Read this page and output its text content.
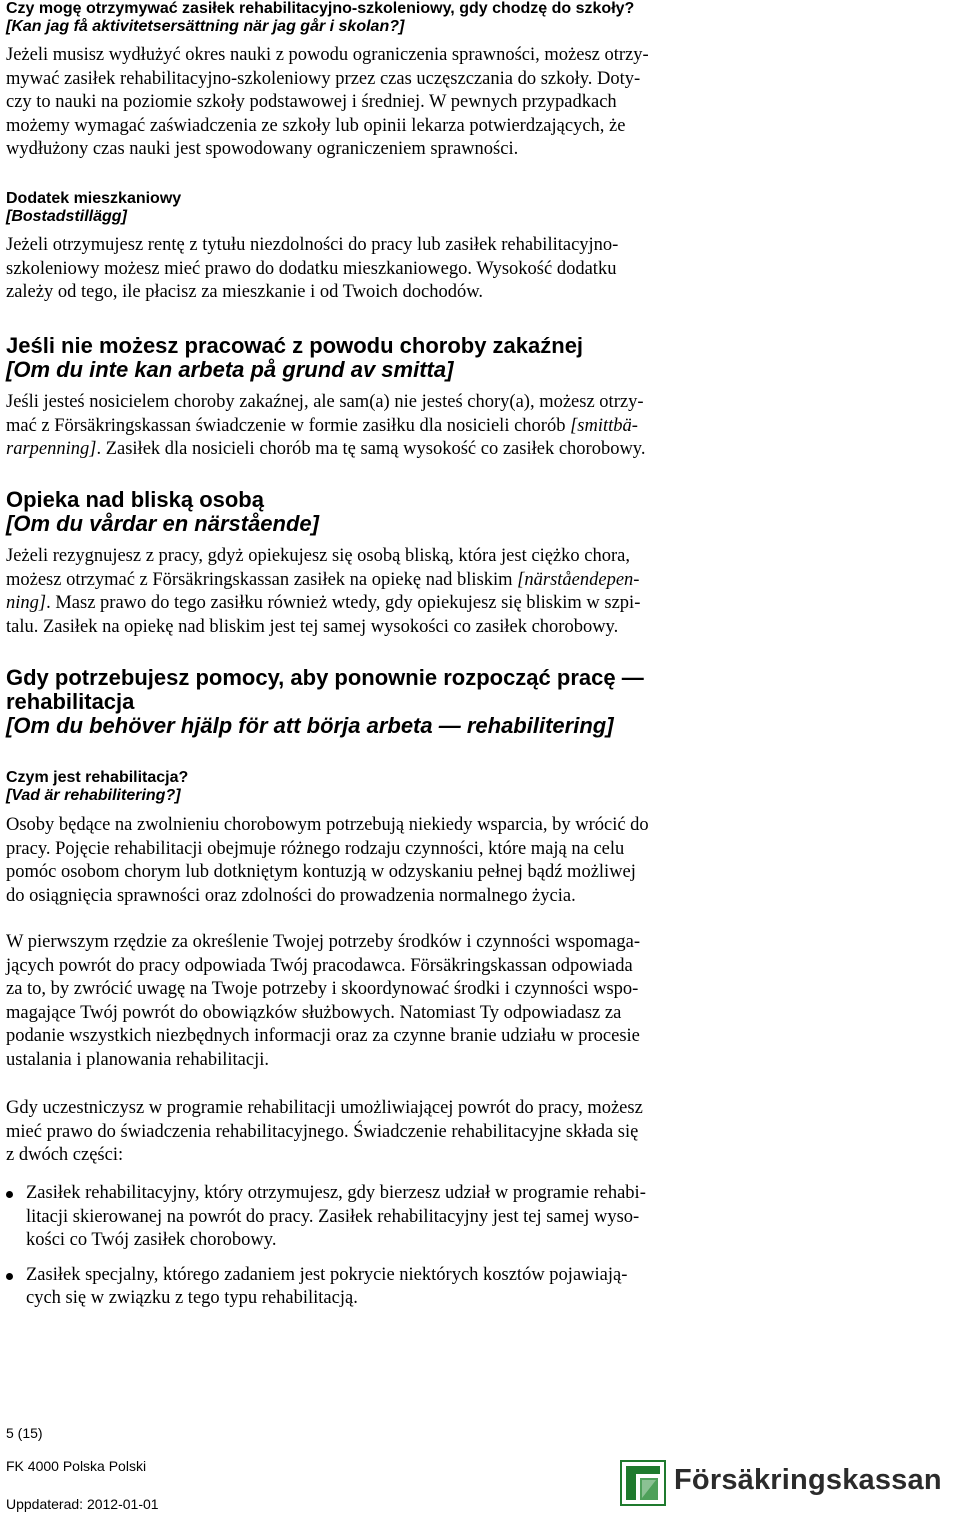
Czy mogę otrzymywać zasiłek rehabilitacyjno-szkoleniowy, gdy chodzę do szkoły?
[Kan jag få aktivitetsersättning när jag går i skolan?]

Jeżeli musisz wydłużyć okres nauki z powodu ograniczenia sprawności, możesz otrzy-
mywać zasiłek rehabilitacyjno-szkoleniowy przez czas uczęszczania do szkoły. Doty-
czy to nauki na poziomie szkoły podstawowej i średniej. W pewnych przypadkach
możemy wymagać zaświadczenia ze szkoły lub opinii lekarza potwierdzających, że
wydłużony czas nauki jest spowodowany ograniczeniem sprawności.

Dodatek mieszkaniowy
[Bostadstillägg]

Jeżeli otrzymujesz rentę z tytułu niezdolności do pracy lub zasiłek rehabilitacyjno-
szkoleniowy możesz mieć prawo do dodatku mieszkaniowego. Wysokość dodatku
zależy od tego, ile płacisz za mieszkanie i od Twoich dochodów.

Jeśli nie możesz pracować z powodu choroby zakaźnej
[Om du inte kan arbeta på grund av smitta]

Jeśli jesteś nosicielem choroby zakaźnej, ale sam(a) nie jesteś chory(a), możesz otrzy-
mać z Försäkringskassan świadczenie w formie zasiłku dla nosicieli chorób [smittbä-
rarpenning]. Zasiłek dla nosicieli chorób ma tę samą wysokość co zasiłek chorobowy.

Opieka nad bliską osobą
[Om du vårdar en närstående]

Jeżeli rezygnujesz z pracy, gdyż opiekujesz się osobą bliską, która jest ciężko chora,
możesz otrzymać z Försäkringskassan zasiłek na opiekę nad bliskim [närståendepen-
ning]. Masz prawo do tego zasiłku również wtedy, gdy opiekujesz się bliskim w szpi-
talu. Zasiłek na opiekę nad bliskim jest tej samej wysokości co zasiłek chorobowy.

Gdy potrzebujesz pomocy, aby ponownie rozpocząć pracę —
rehabilitacja
[Om du behöver hjälp för att börja arbeta — rehabilitering]
Czym jest rehabilitacja?
[Vad är rehabilitering?]

Osoby będące na zwolnieniu chorobowym potrzebują niekiedy wsparcia, by wrócić do
pracy. Pojęcie rehabilitacji obejmuje różnego rodzaju czynności, które mają na celu
pomóc osobom chorym lub dotkniętym kontuzją w odzyskaniu pełnej bądź możliwej
do osiągnięcia sprawności oraz zdolności do prowadzenia normalnego życia.

W pierwszym rzędzie za określenie Twojej potrzeby środków i czynności wspomaga-
jących powrót do pracy odpowiada Twój pracodawca. Försäkringskassan odpowiada
za to, by zwrócić uwagę na Twoje potrzeby i skoordynować środki i czynności wspo-
magające Twój powrót do obowiązków służbowych. Natomiast Ty odpowiadasz za
podanie wszystkich niezbędnych informacji oraz za czynne branie udziału w procesie
ustalania i planowania rehabilitacji.

Gdy uczestniczysz w programie rehabilitacji umożliwiającej powrót do pracy, możesz
mieć prawo do świadczenia rehabilitacyjnego. Świadczenie rehabilitacyjne składa się
z dwóch części:

Zasiłek rehabilitacyjny, który otrzymujesz, gdy bierzesz udział w programie rehabi-
litacji skierowanej na powrót do pracy. Zasiłek rehabilitacyjny jest tej samej wyso-
kości co Twój zasiłek chorobowy.
Zasiłek specjalny, którego zadaniem jest pokrycie niektórych kosztów pojawiają-
cych się w związku z tego typu rehabilitacją.
5 (15)
FK 4000 Polska Polski
Uppdaterad: 2012-01-01
Försäkringskassan
